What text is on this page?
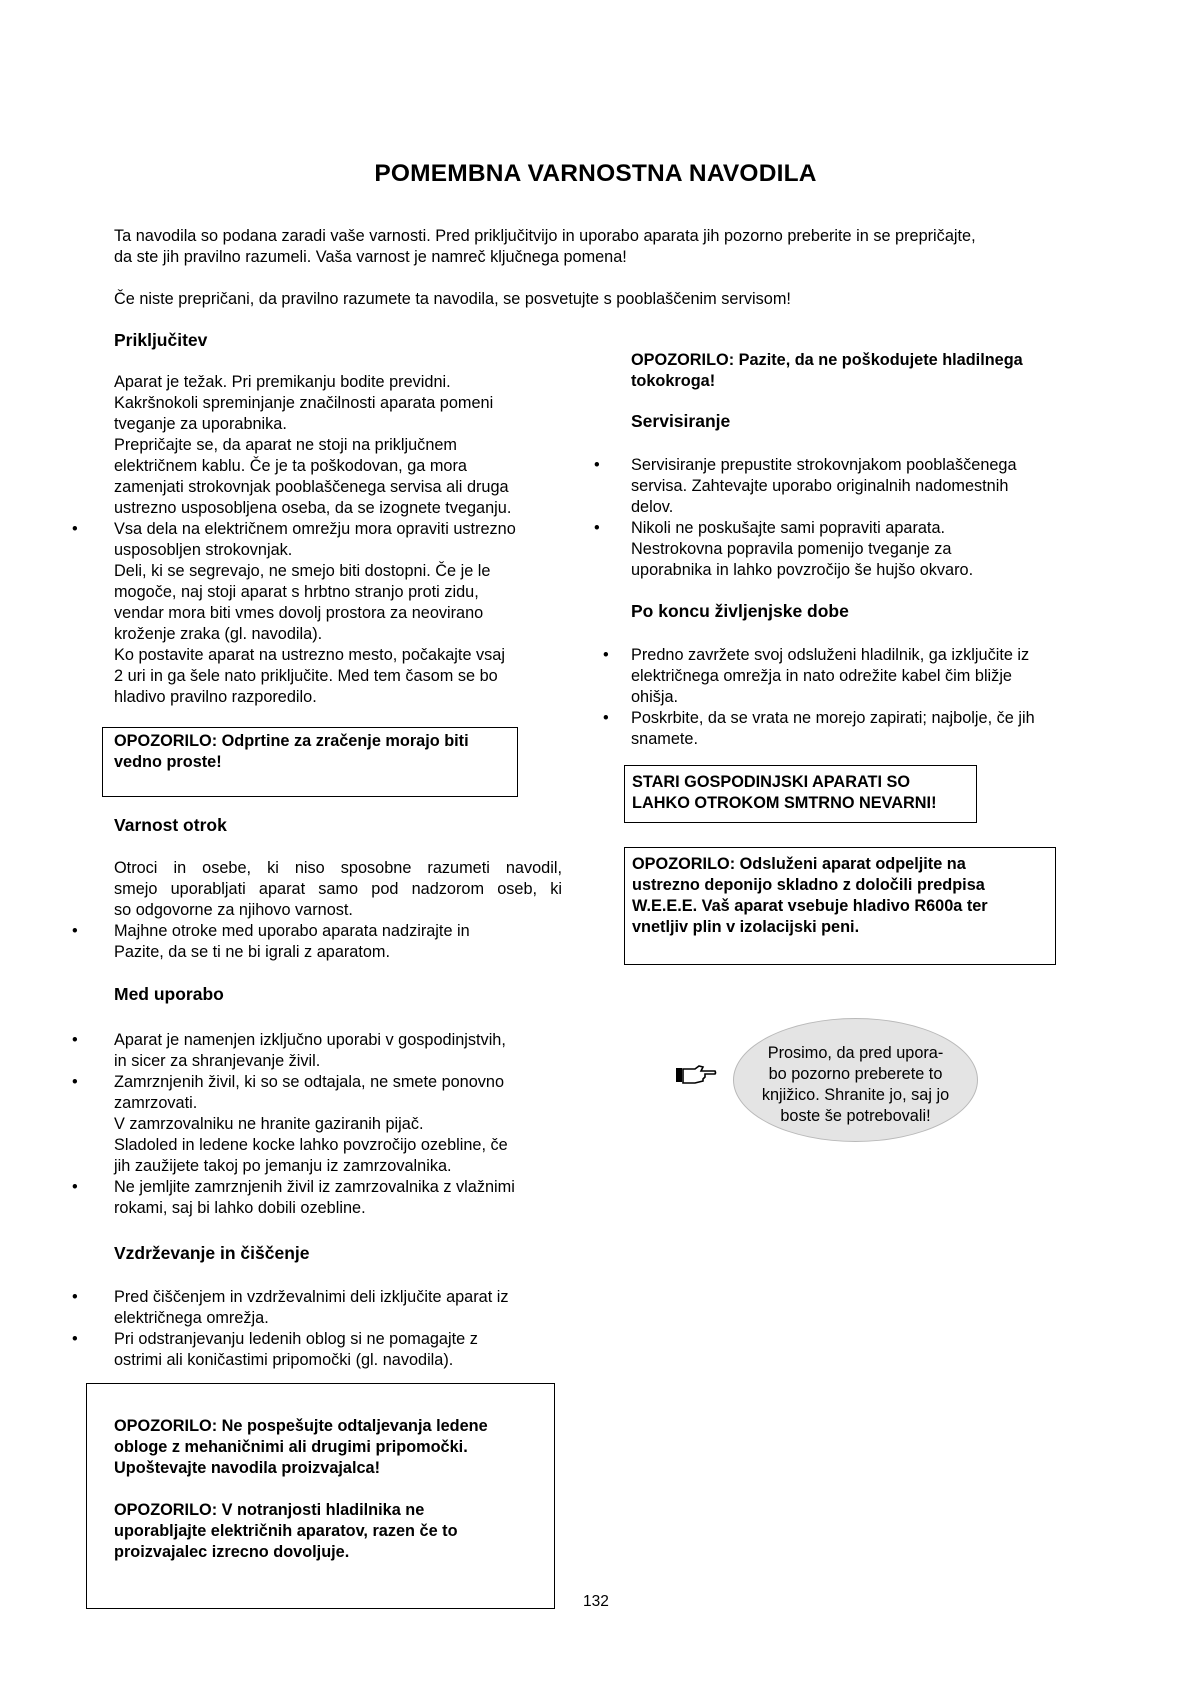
POMEMBNA VARNOSTNA NAVODILA

Ta navodila so podana zaradi vaše varnosti. Pred priključitvijo in uporabo aparata jih pozorno preberite in se prepričajte,

da ste jih pravilno razumeli. Vaša varnost je namreč ključnega pomena!

Če niste prepričani, da pravilno razumete ta navodila, se posvetujte s pooblaščenim servisom!

Priključitev
Aparat je težak. Pri premikanju bodite previdni.
Kakršnokoli spreminjanje značilnosti aparata pomeni
tveganje za uporabnika.
Prepričajte se, da aparat ne stoji na priključnem
električnem kablu. Če je ta poškodovan, ga mora
zamenjati strokovnjak pooblaščenega servisa ali druga
ustrezno usposobljena oseba, da se izognete tveganju.
• Vsa dela na električnem omrežju mora opraviti ustrezno
usposobljen strokovnjak.
Deli, ki se segrevajo, ne smejo biti dostopni. Če je le
mogoče, naj stoji aparat s hrbtno stranjo proti zidu,
vendar mora biti vmes dovolj prostora za neovirano
kroženje zraka (gl. navodila).
Ko postavite aparat na ustrezno mesto, počakajte vsaj
2 uri in ga šele nato priključite. Med tem časom se bo
hladivo pravilno razporedilo.
OPOZORILO: Odprtine za zračenje morajo biti
vedno proste!
Varnost otrok
Otroci in osebe, ki niso sposobne razumeti navodil,
smejo uporabljati aparat samo pod nadzorom oseb, ki
so odgovorne za njihovo varnost.
• Majhne otroke med uporabo aparata nadzirajte in
Pazite, da se ti ne bi igrali z aparatom.
Med uporabo
• Aparat je namenjen izključno uporabi v gospodinjstvih,
in sicer za shranjevanje živil.
• Zamrznjenih živil, ki so se odtajala, ne smete ponovno
zamrzovati.
V zamrzovalniku ne hranite gaziranih pijač.
Sladoled in ledene kocke lahko povzročijo ozebline, če
jih zaužijete takoj po jemanju iz zamrzovalnika.
• Ne jemljite zamrznjenih živil iz zamrzovalnika z vlažnimi
rokami, saj bi lahko dobili ozebline.
Vzdrževanje in čiščenje
• Pred čiščenjem in vzdrževalnimi deli izključite aparat iz
električnega omrežja.
• Pri odstranjevanju ledenih oblog si ne pomagajte z
ostrimi ali koničastimi pripomočki (gl. navodila).
OPOZORILO: Ne pospešujte odtaljevanja ledene
obloge z mehaničnimi ali drugimi pripomočki.
Upoštevajte navodila proizvajalca!
OPOZORILO: V notranjosti hladilnika ne
uporabljajte električnih aparatov, razen če to
proizvajalec izrecno dovoljuje.
OPOZORILO: Pazite, da ne poškodujete hladilnega
tokokroga!
Servisiranje
• Servisiranje prepustite strokovnjakom pooblaščenega
servisa. Zahtevajte uporabo originalnih nadomestnih
delov.
• Nikoli ne poskušajte sami popraviti aparata.
Nestrokovna popravila pomenijo tveganje za
uporabnika in lahko povzročijo še hujšo okvaro.
Po koncu življenjske dobe
• Predno zavržete svoj odsluženi hladilnik, ga izključite iz
električnega omrežja in nato odrežite kabel čim bližje
ohišja.
• Poskrbite, da se vrata ne morejo zapirati; najbolje, če jih
snamete.
STARI GOSPODINJSKI APARATI SO
LAHKO OTROKOM SMTRNO NEVARNI!
OPOZORILO: Odsluženi aparat odpeljite na
ustrezno deponijo skladno z določili predpisa
W.E.E.E. Vaš aparat vsebuje hladivo R600a ter
vnetljiv plin v izolacijski peni.
Prosimo, da pred upora-
bo pozorno preberete to
knjižico. Shranite jo, saj jo
boste še potrebovali!
132
